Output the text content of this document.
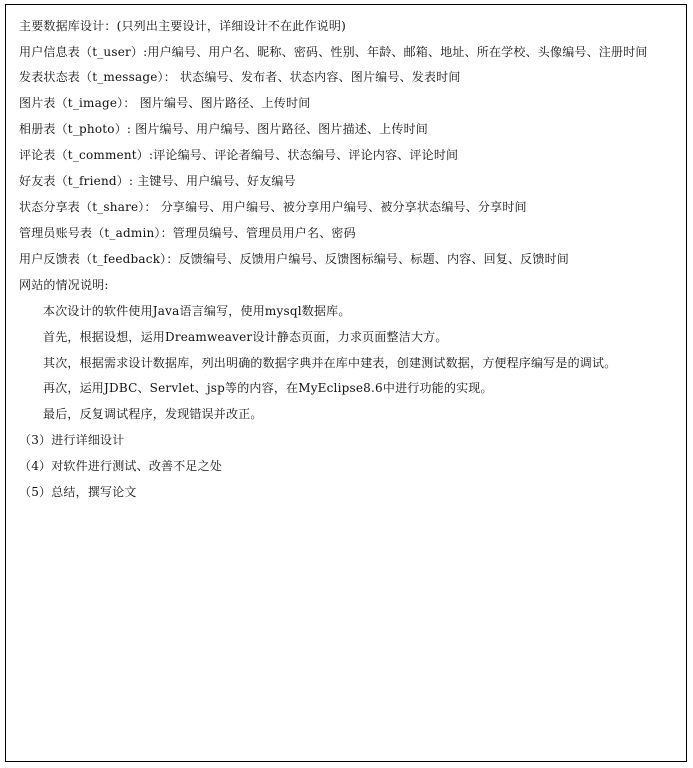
主要数据库设计：(只列出主要设计，详细设计不在此作说明)

用户信息表（t_user）:用户编号、用户名、昵称、密码、性别、年龄、邮箱、地址、所在学校、头像编号、注册时间

发表状态表（t_message）： 状态编号、发布者、状态内容、图片编号、发表时间

图片表（t_image）： 图片编号、图片路径、上传时间

相册表（t_photo）: 图片编号、用户编号、图片路径、图片描述、上传时间

评论表（t_comment）:评论编号、评论者编号、状态编号、评论内容、评论时间

好友表（t_friend）: 主键号、用户编号、好友编号

状态分享表（t_share）： 分享编号、用户编号、被分享用户编号、被分享状态编号、分享时间

管理员账号表（t_admin）：管理员编号、管理员用户名、密码

用户反馈表（t_feedback）：反馈编号、反馈用户编号、反馈图标编号、标题、内容、回复、反馈时间

网站的情况说明:

本次设计的软件使用Java语言编写，使用mysql数据库。

首先，根据设想，运用Dreamweaver设计静态页面，力求页面整洁大方。

其次，根据需求设计数据库，列出明确的数据字典并在库中建表，创建测试数据，方便程序编写是的调试。

再次，运用JDBC、Servlet、jsp等的内容，在MyEclipse8.6中进行功能的实现。

最后，反复调试程序，发现错误并改正。

（3）进行详细设计

（4）对软件进行测试、改善不足之处

（5）总结，撰写论文
